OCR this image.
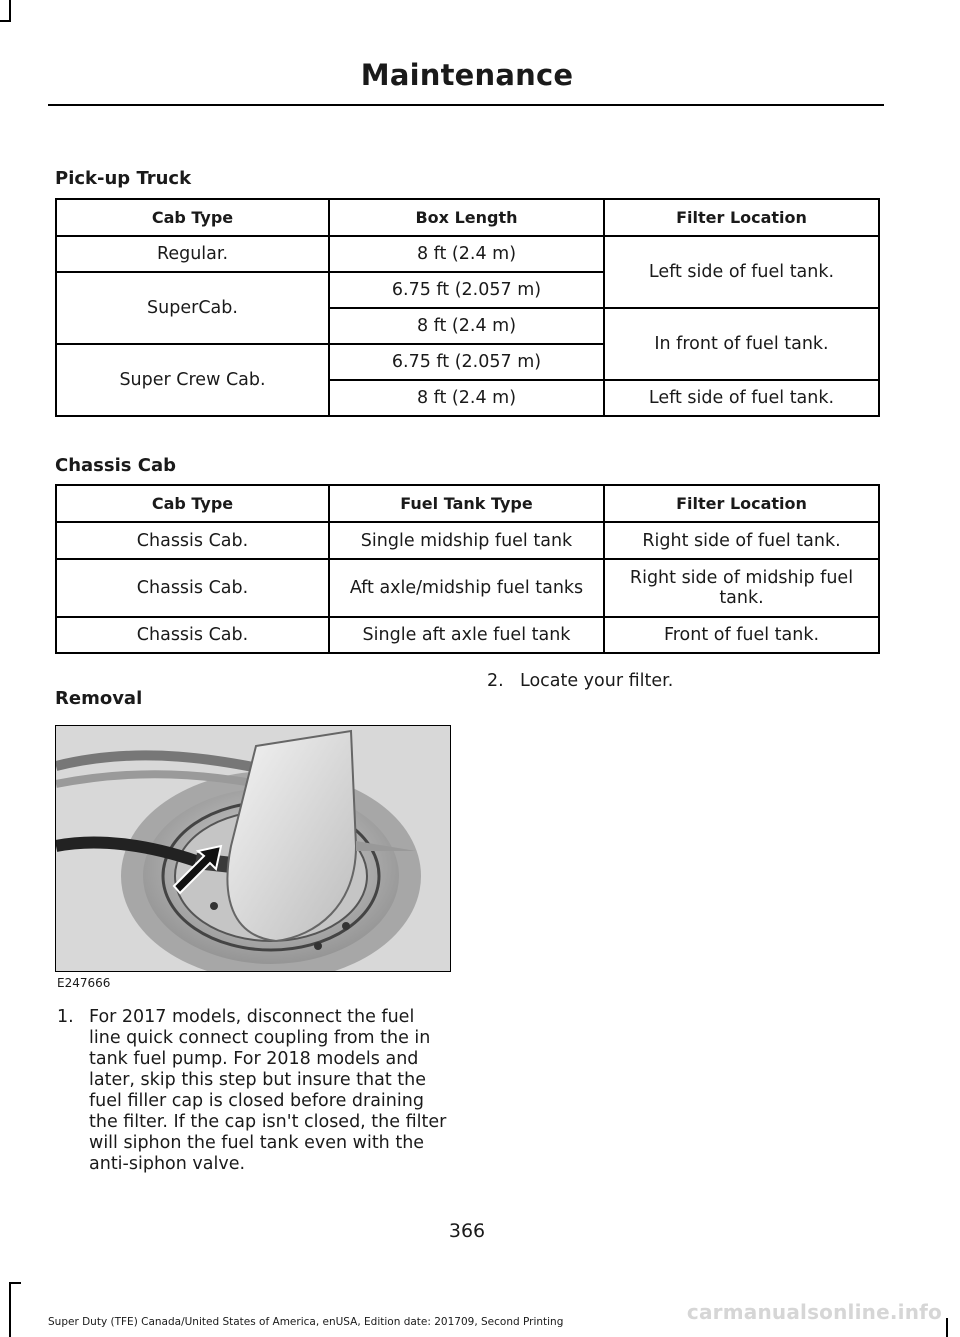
Maintenance
Pick-up Truck
Cab Type	Box Length	Filter Location
Regular.	8 ft (2.4 m)	Left side of fuel tank.
SuperCab.	6.75 ft (2.057 m)	
	8 ft (2.4 m)	In front of fuel tank.
Super Crew Cab.	6.75 ft (2.057 m)	
	8 ft (2.4 m)	Left side of fuel tank.
Chassis Cab
Cab Type	Fuel Tank Type	Filter Location
Chassis Cab.	Single midship fuel tank	Right side of fuel tank.
Chassis Cab.	Aft axle/midship fuel tanks	Right side of midship fuel tank.
Chassis Cab.	Single aft axle fuel tank	Front of fuel tank.
Removal
E247666
1. For 2017 models, disconnect the fuel line quick connect coupling from the in tank fuel pump. For 2018 models and later, skip this step but insure that the fuel filler cap is closed before draining the filter. If the cap isn't closed, the filter will siphon the fuel tank even with the anti-siphon valve.
2. Locate your filter.
366
Super Duty (TFE) Canada/United States of America, enUSA, Edition date: 201709, Second Printing	carmanualsonline.info
